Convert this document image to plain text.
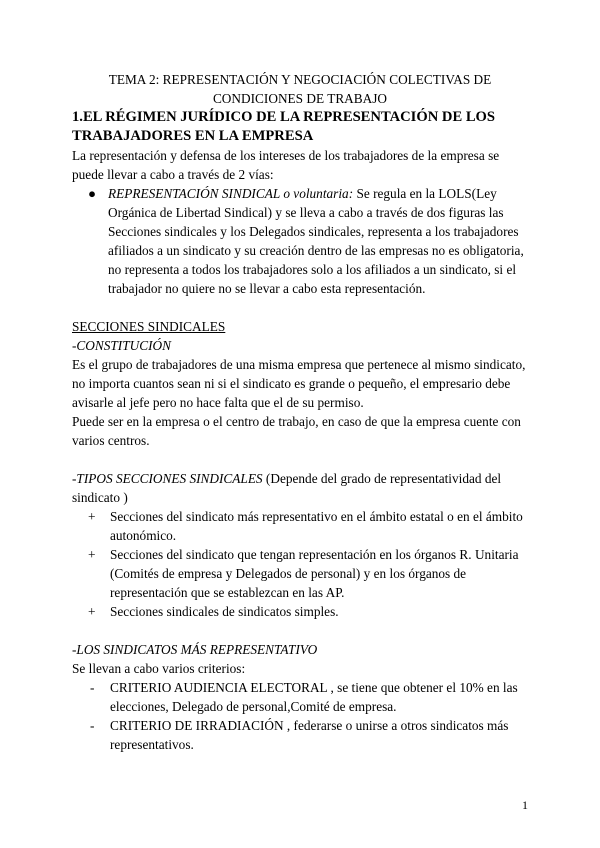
TEMA 2: REPRESENTACIÓN Y NEGOCIACIÓN COLECTIVAS DE

CONDICIONES DE TRABAJO

1.EL RÉGIMEN JURÍDICO DE LA REPRESENTACIÓN DE LOS TRABAJADORES EN LA EMPRESA

La representación y defensa de los intereses de los trabajadores de la empresa se puede llevar a cabo a través de 2 vías:

● REPRESENTACIÓN SINDICAL o voluntaria: Se regula en la LOLS(Ley Orgánica de Libertad Sindical) y se lleva a cabo a través de dos figuras las Secciones sindicales y los Delegados sindicales, representa a los trabajadores afiliados a un sindicato y su creación dentro de las empresas no es obligatoria, no representa a todos los trabajadores solo a los afiliados a un sindicato, si el trabajador no quiere no se llevar a cabo esta representación.

SECCIONES SINDICALES

-CONSTITUCIÓN

Es el grupo de trabajadores de una misma empresa que pertenece al mismo sindicato, no importa cuantos sean ni si el sindicato es grande o pequeño, el empresario debe avisarle al jefe pero no hace falta que el de su permiso.

Puede ser en la empresa o el centro de trabajo, en caso de que la empresa cuente con varios centros.

-TIPOS SECCIONES SINDICALES (Depende del grado de representatividad del sindicato )

+ Secciones del sindicato más representativo en el ámbito estatal o en el ámbito autonómico.
+ Secciones del sindicato que tengan representación en los órganos R. Unitaria (Comités de empresa y Delegados de personal) y en los órganos de representación que se establezcan en las AP.
+ Secciones sindicales de sindicatos simples.

-LOS SINDICATOS MÁS REPRESENTATIVO

Se llevan a cabo varios criterios:

- CRITERIO AUDIENCIA ELECTORAL , se tiene que obtener el 10% en las elecciones, Delegado de personal,Comité de empresa.
- CRITERIO DE IRRADIACIÓN , federarse o unirse a otros sindicatos más representativos.
1
